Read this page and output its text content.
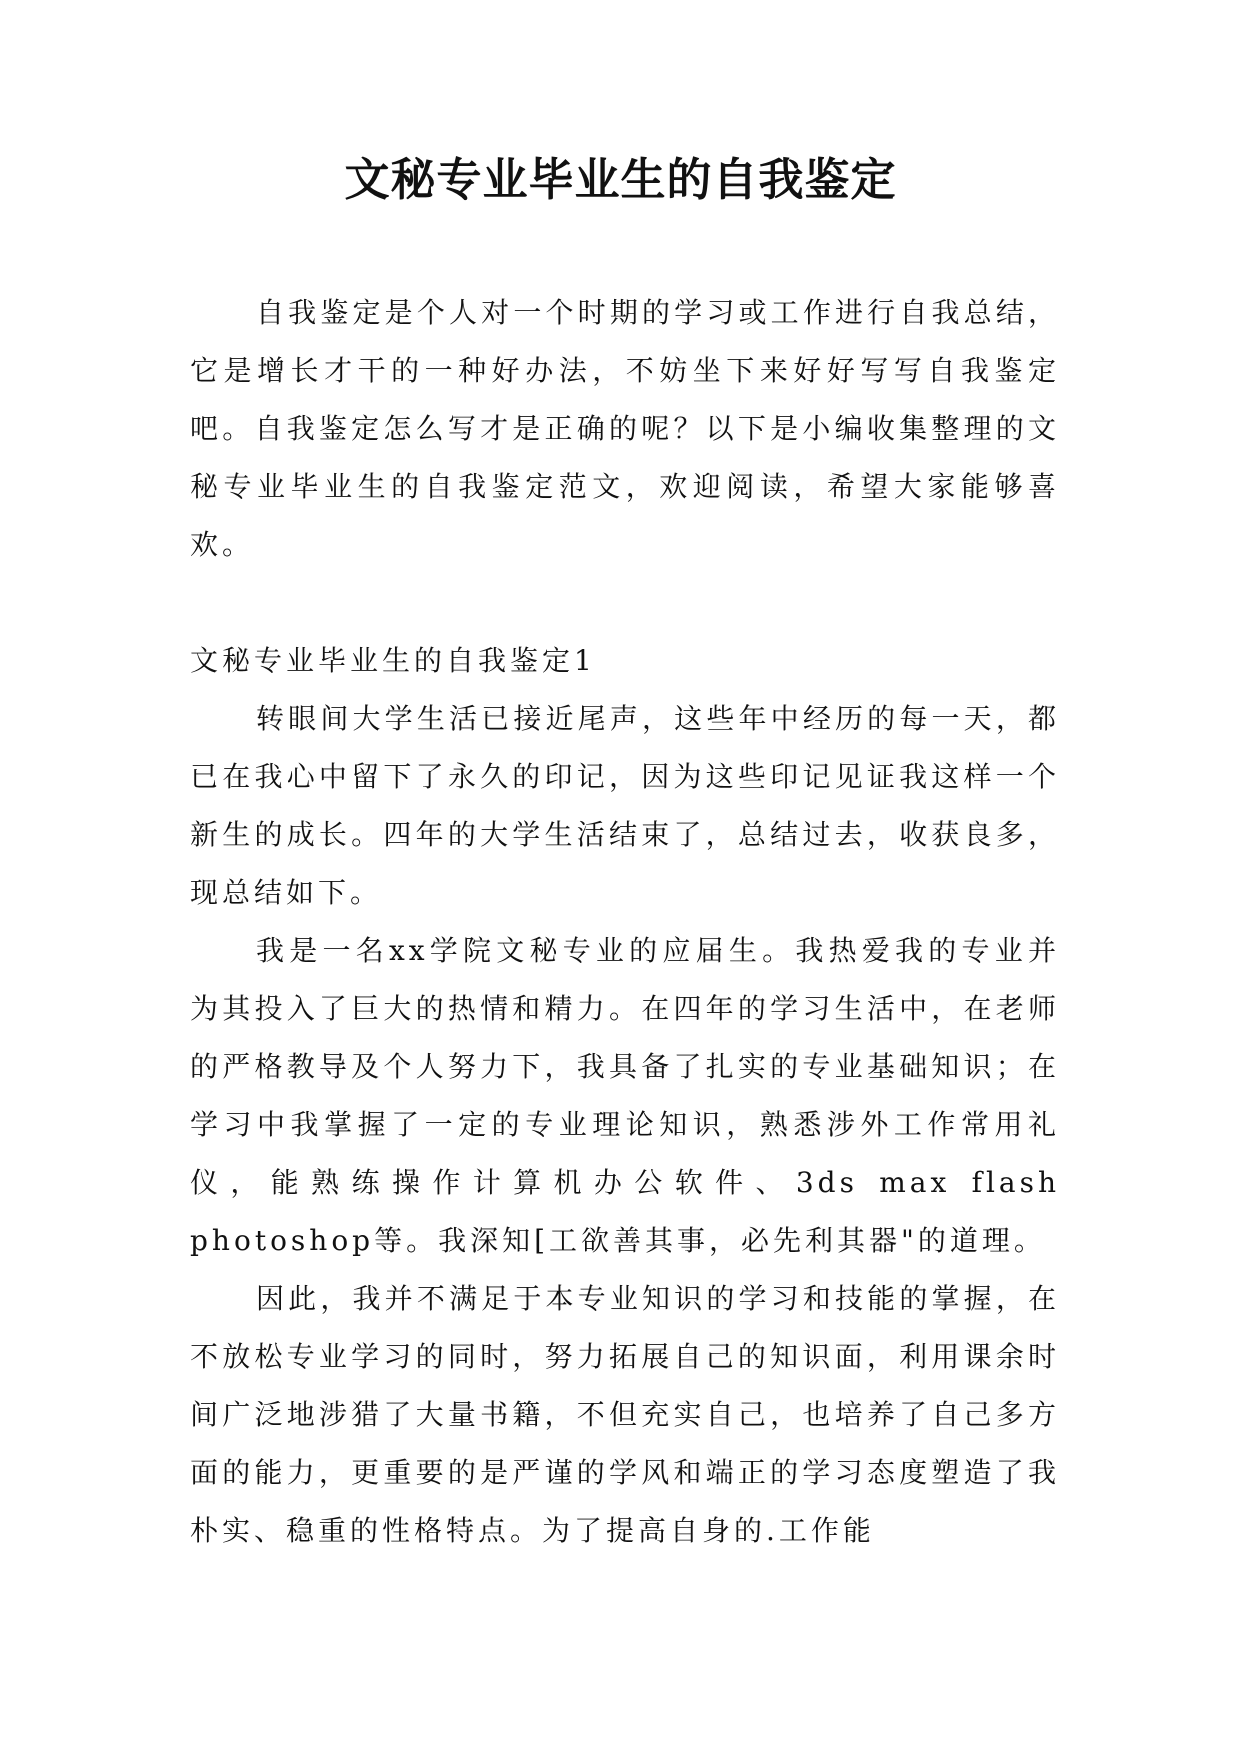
文秘专业毕业生的自我鉴定

自我鉴定是个人对一个时期的学习或工作进行自我总结，它是增长才干的一种好办法，不妨坐下来好好写写自我鉴定吧。自我鉴定怎么写才是正确的呢？以下是小编收集整理的文秘专业毕业生的自我鉴定范文，欢迎阅读，希望大家能够喜欢。

文秘专业毕业生的自我鉴定1

转眼间大学生活已接近尾声，这些年中经历的每一天，都已在我心中留下了永久的印记，因为这些印记见证我这样一个新生的成长。四年的大学生活结束了，总结过去，收获良多，现总结如下。

我是一名xx学院文秘专业的应届生。我热爱我的专业并为其投入了巨大的热情和精力。在四年的学习生活中，在老师的严格教导及个人努力下，我具备了扎实的专业基础知识；在学习中我掌握了一定的专业理论知识，熟悉涉外工作常用礼仪，能熟练操作计算机办公软件、3ds max flash photoshop等。我深知[工欲善其事，必先利其器"的道理。

因此，我并不满足于本专业知识的学习和技能的掌握，在不放松专业学习的同时，努力拓展自己的知识面，利用课余时间广泛地涉猎了大量书籍，不但充实自己，也培养了自己多方面的能力，更重要的是严谨的学风和端正的学习态度塑造了我朴实、稳重的性格特点。为了提高自身的.工作能
